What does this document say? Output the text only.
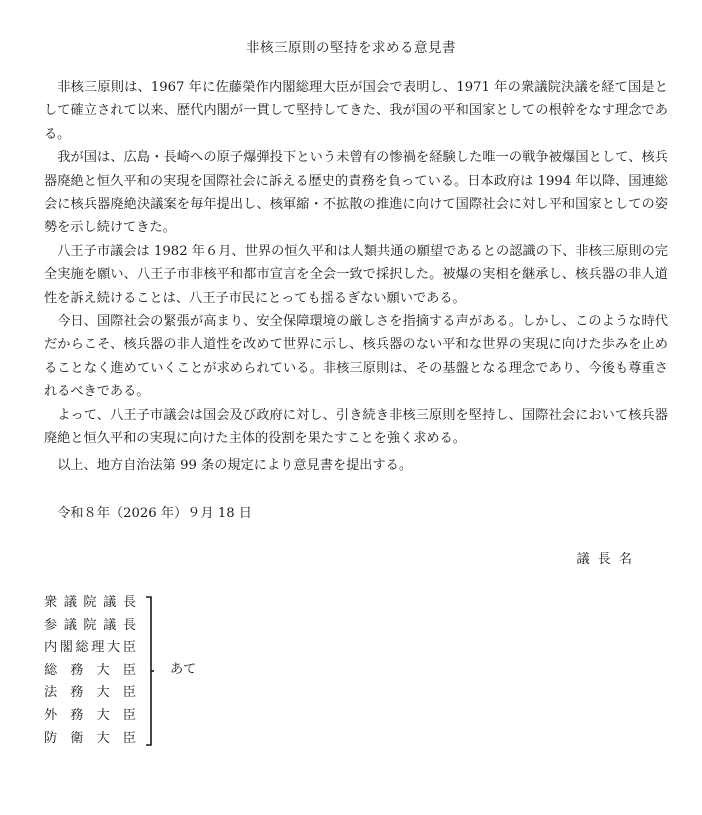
非核三原則の堅持を求める意見書

非核三原則は、1967 年に佐藤榮作内閣総理大臣が国会で表明し、1971 年の衆議院決議を経て国是として確立されて以来、歴代内閣が一貫して堅持してきた、我が国の平和国家としての根幹をなす理念である。

我が国は、広島・長崎への原子爆弾投下という未曾有の惨禍を経験した唯一の戦争被爆国として、核兵器廃絶と恒久平和の実現を国際社会に訴える歴史的責務を負っている。日本政府は 1994 年以降、国連総会に核兵器廃絶決議案を毎年提出し、核軍縮・不拡散の推進に向けて国際社会に対し平和国家としての姿勢を示し続けてきた。

八王子市議会は 1982 年６月、世界の恒久平和は人類共通の願望であるとの認識の下、非核三原則の完全実施を願い、八王子市非核平和都市宣言を全会一致で採択した。被爆の実相を継承し、核兵器の非人道性を訴え続けることは、八王子市民にとっても揺るぎない願いである。

今日、国際社会の緊張が高まり、安全保障環境の厳しさを指摘する声がある。しかし、このような時代だからこそ、核兵器の非人道性を改めて世界に示し、核兵器のない平和な世界の実現に向けた歩みを止めることなく進めていくことが求められている。非核三原則は、その基盤となる理念であり、今後も尊重されるべきである。

よって、八王子市議会は国会及び政府に対し、引き続き非核三原則を堅持し、国際社会において核兵器廃絶と恒久平和の実現に向けた主体的役割を果たすことを強く求める。

以上、地方自治法第 99 条の規定により意見書を提出する。
令和８年（2026 年）９月 18 日
議長名
衆 議 院 議 長
参 議 院 議 長
内 閣 総 理 大 臣
総 務 大 臣
法 務 大 臣
外 務 大 臣
防 衛 大 臣
あて
